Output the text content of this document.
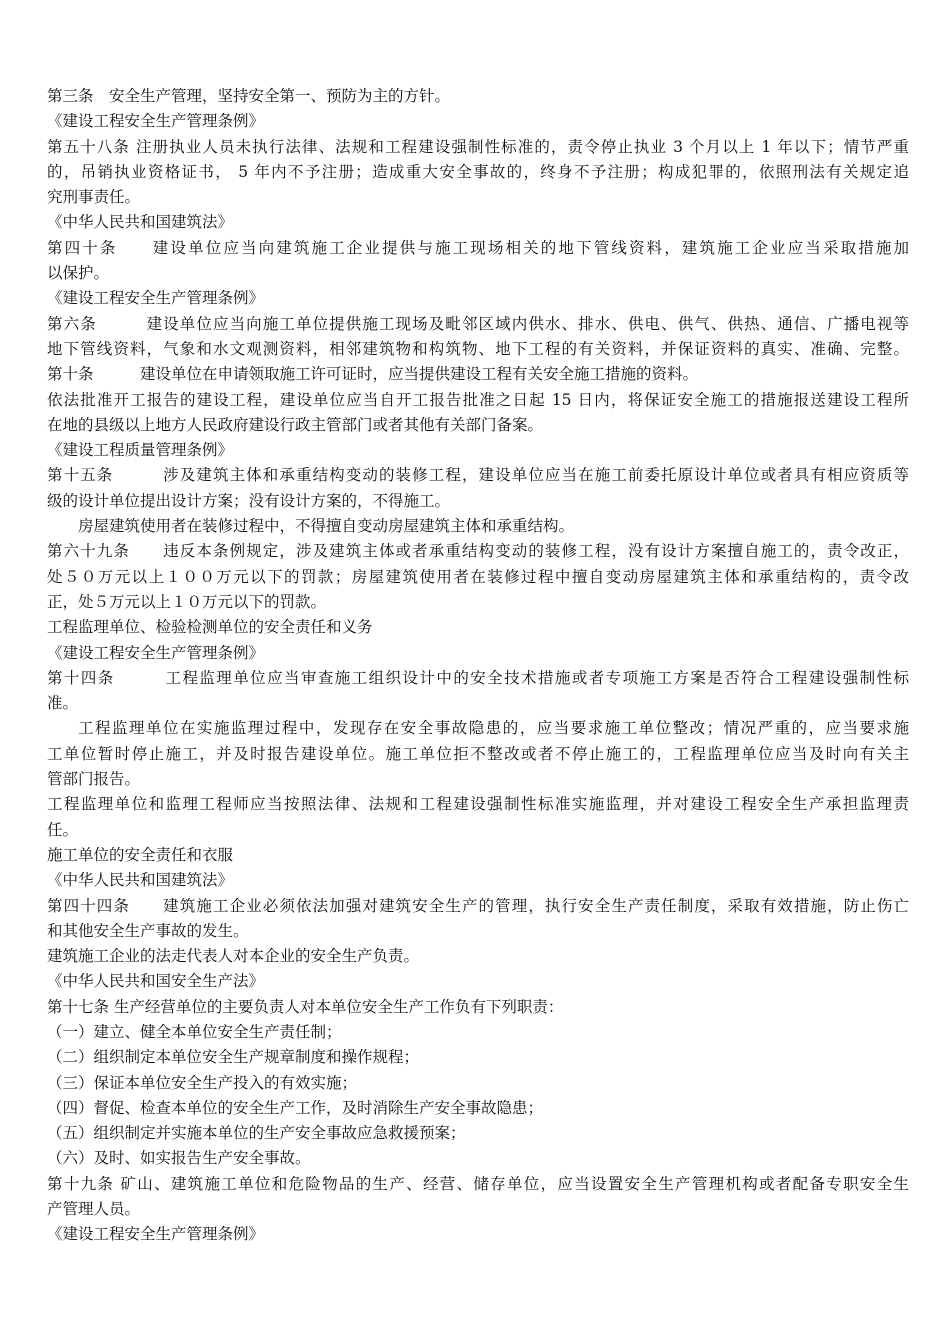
第三条　安全生产管理，坚持安全第一、预防为主的方针。
《建设工程安全生产管理条例》
第五十八条 注册执业人员未执行法律、法规和工程建设强制性标准的，责令停止执业 3 个月以上 1 年以下；情节严重
的，吊销执业资格证书， 5 年内不予注册；造成重大安全事故的，终身不予注册；构成犯罪的，依照刑法有关规定追
究刑事责任。
《中华人民共和国建筑法》
第四十条　　建设单位应当向建筑施工企业提供与施工现场相关的地下管线资料，建筑施工企业应当采取措施加
以保护。
《建设工程安全生产管理条例》
第六条　　　建设单位应当向施工单位提供施工现场及毗邻区域内供水、排水、供电、供气、供热、通信、广播电视等
地下管线资料，气象和水文观测资料，相邻建筑物和构筑物、地下工程的有关资料，并保证资料的真实、准确、完整。
第十条　　　建设单位在申请领取施工许可证时，应当提供建设工程有关安全施工措施的资料。
依法批准开工报告的建设工程，建设单位应当自开工报告批准之日起 15 日内，将保证安全施工的措施报送建设工程所
在地的县级以上地方人民政府建设行政主管部门或者其他有关部门备案。
《建设工程质量管理条例》
第十五条　　　涉及建筑主体和承重结构变动的装修工程，建设单位应当在施工前委托原设计单位或者具有相应资质等
级的设计单位提出设计方案；没有设计方案的，不得施工。
房屋建筑使用者在装修过程中，不得擅自变动房屋建筑主体和承重结构。
第六十九条　　违反本条例规定，涉及建筑主体或者承重结构变动的装修工程，没有设计方案擅自施工的，责令改正，
处５０万元以上１００万元以下的罚款；房屋建筑使用者在装修过程中擅自变动房屋建筑主体和承重结构的，责令改
正，处５万元以上１０万元以下的罚款。
工程监理单位、检验检测单位的安全责任和义务
《建设工程安全生产管理条例》
第十四条　　　工程监理单位应当审查施工组织设计中的安全技术措施或者专项施工方案是否符合工程建设强制性标
准。
工程监理单位在实施监理过程中，发现存在安全事故隐患的，应当要求施工单位整改；情况严重的，应当要求施
工单位暂时停止施工，并及时报告建设单位。施工单位拒不整改或者不停止施工的，工程监理单位应当及时向有关主
管部门报告。
工程监理单位和监理工程师应当按照法律、法规和工程建设强制性标准实施监理，并对建设工程安全生产承担监理责
任。
施工单位的安全责任和衣服
《中华人民共和国建筑法》
第四十四条　　建筑施工企业必须依法加强对建筑安全生产的管理，执行安全生产责任制度，采取有效措施，防止伤亡
和其他安全生产事故的发生。
建筑施工企业的法走代表人对本企业的安全生产负责。
《中华人民共和国安全生产法》
第十七条 生产经营单位的主要负责人对本单位安全生产工作负有下列职责：
（一）建立、健全本单位安全生产责任制；
（二）组织制定本单位安全生产规章制度和操作规程；
（三）保证本单位安全生产投入的有效实施；
（四）督促、检查本单位的安全生产工作，及时消除生产安全事故隐患；
（五）组织制定并实施本单位的生产安全事故应急救援预案；
（六）及时、如实报告生产安全事故。
第十九条 矿山、建筑施工单位和危险物品的生产、经营、储存单位，应当设置安全生产管理机构或者配备专职安全生
产管理人员。
《建设工程安全生产管理条例》
